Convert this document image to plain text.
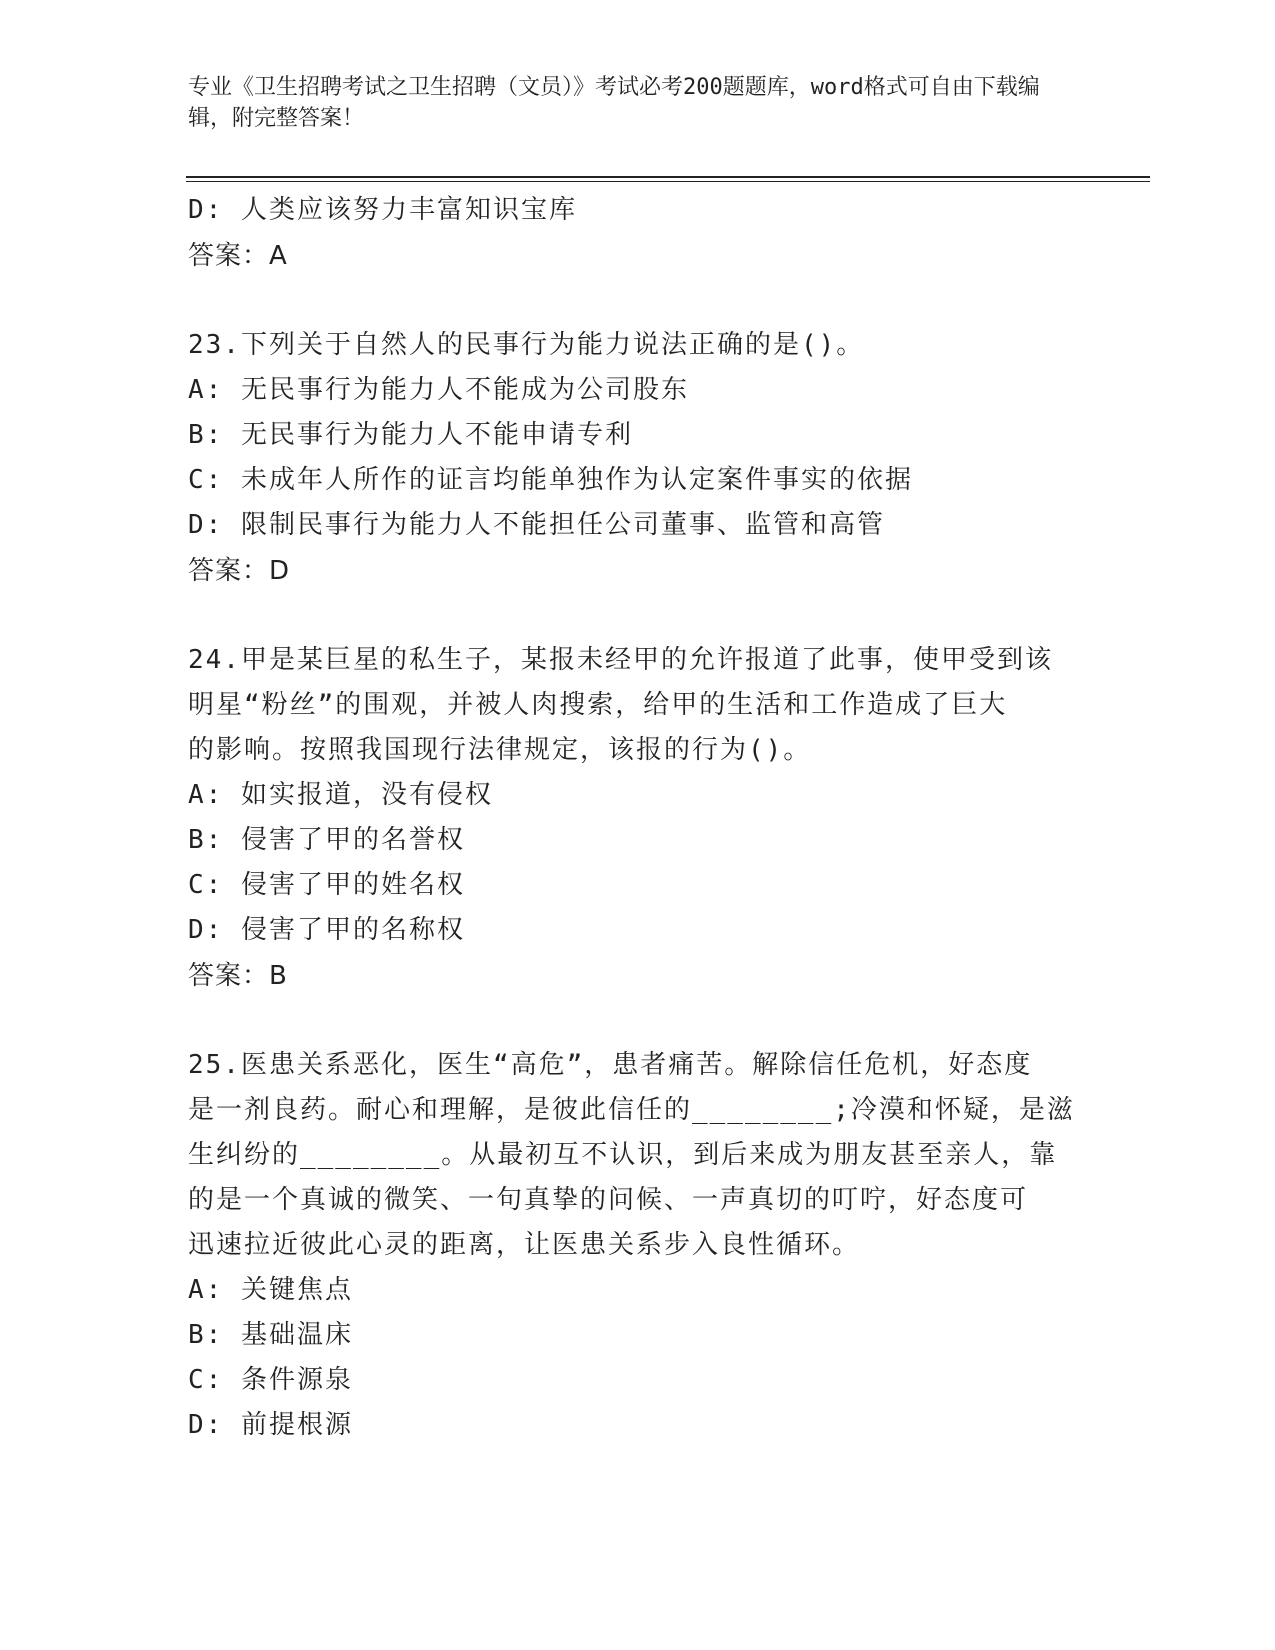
专业《卫生招聘考试之卫生招聘（文员）》考试必考200题题库，word格式可自由下载编辑，附完整答案！
D: 人类应该努力丰富知识宝库
答案：A
23.下列关于自然人的民事行为能力说法正确的是()。
A: 无民事行为能力人不能成为公司股东
B: 无民事行为能力人不能申请专利
C: 未成年人所作的证言均能单独作为认定案件事实的依据
D: 限制民事行为能力人不能担任公司董事、监管和高管
答案：D
24.甲是某巨星的私生子，某报未经甲的允许报道了此事，使甲受到该
明星“粉丝”的围观，并被人肉搜索，给甲的生活和工作造成了巨大
的影响。按照我国现行法律规定，该报的行为()。
A: 如实报道，没有侵权
B: 侵害了甲的名誉权
C: 侵害了甲的姓名权
D: 侵害了甲的名称权
答案：B
25.医患关系恶化，医生“高危”，患者痛苦。解除信任危机，好态度
是一剂良药。耐心和理解，是彼此信任的________;冷漠和怀疑，是滋
生纠纷的________。从最初互不认识，到后来成为朋友甚至亲人，靠
的是一个真诚的微笑、一句真挚的问候、一声真切的叮咛，好态度可
迅速拉近彼此心灵的距离，让医患关系步入良性循环。
A: 关键焦点
B: 基础温床
C: 条件源泉
D: 前提根源
